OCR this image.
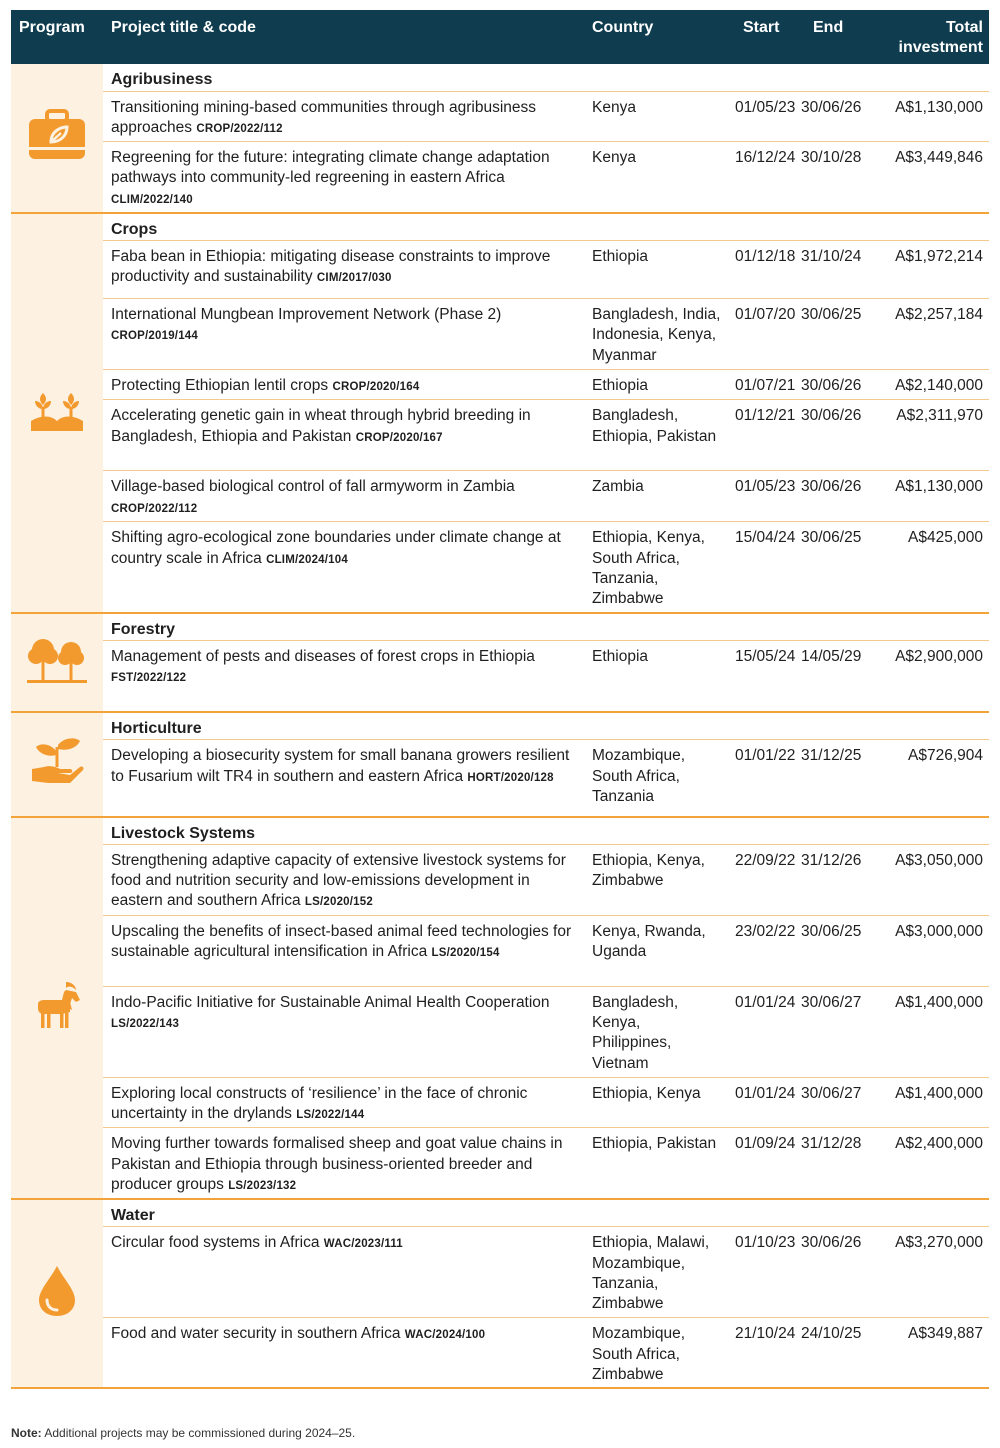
Program	Project title & code	Country	Start	End	Total investment
	Agribusiness				
	Transitioning mining-based communities through agribusiness approaches CROP/2022/112	Kenya	01/05/23	30/06/26	A$1,130,000
	Regreening for the future: integrating climate change adaptation pathways into community-led regreening in eastern Africa CLIM/2022/140	Kenya	16/12/24	30/10/28	A$3,449,846
	Crops				
	Faba bean in Ethiopia: mitigating disease constraints to improve productivity and sustainability CIM/2017/030	Ethiopia	01/12/18	31/10/24	A$1,972,214
	International Mungbean Improvement Network (Phase 2) CROP/2019/144	Bangladesh, India, Indonesia, Kenya, Myanmar	01/07/20	30/06/25	A$2,257,184
	Protecting Ethiopian lentil crops CROP/2020/164	Ethiopia	01/07/21	30/06/26	A$2,140,000
	Accelerating genetic gain in wheat through hybrid breeding in Bangladesh, Ethiopia and Pakistan CROP/2020/167	Bangladesh, Ethiopia, Pakistan	01/12/21	30/06/26	A$2,311,970
	Village-based biological control of fall armyworm in Zambia CROP/2022/112	Zambia	01/05/23	30/06/26	A$1,130,000
	Shifting agro-ecological zone boundaries under climate change at country scale in Africa CLIM/2024/104	Ethiopia, Kenya, South Africa, Tanzania, Zimbabwe	15/04/24	30/06/25	A$425,000
	Forestry				
	Management of pests and diseases of forest crops in Ethiopia FST/2022/122	Ethiopia	15/05/24	14/05/29	A$2,900,000
	Horticulture				
	Developing a biosecurity system for small banana growers resilient to Fusarium wilt TR4 in southern and eastern Africa HORT/2020/128	Mozambique, South Africa, Tanzania	01/01/22	31/12/25	A$726,904
	Livestock Systems				
	Strengthening adaptive capacity of extensive livestock systems for food and nutrition security and low-emissions development in eastern and southern Africa LS/2020/152	Ethiopia, Kenya, Zimbabwe	22/09/22	31/12/26	A$3,050,000
	Upscaling the benefits of insect-based animal feed technologies for sustainable agricultural intensification in Africa LS/2020/154	Kenya, Rwanda, Uganda	23/02/22	30/06/25	A$3,000,000
	Indo-Pacific Initiative for Sustainable Animal Health Cooperation LS/2022/143	Bangladesh, Kenya, Philippines, Vietnam	01/01/24	30/06/27	A$1,400,000
	Exploring local constructs of ‘resilience’ in the face of chronic uncertainty in the drylands LS/2022/144	Ethiopia, Kenya	01/01/24	30/06/27	A$1,400,000
	Moving further towards formalised sheep and goat value chains in Pakistan and Ethiopia through business-oriented breeder and producer groups LS/2023/132	Ethiopia, Pakistan	01/09/24	31/12/28	A$2,400,000
	Water				
	Circular food systems in Africa WAC/2023/111	Ethiopia, Malawi, Mozambique, Tanzania, Zimbabwe	01/10/23	30/06/26	A$3,270,000
	Food and water security in southern Africa WAC/2024/100	Mozambique, South Africa, Zimbabwe	21/10/24	24/10/25	A$349,887
Note: Additional projects may be commissioned during 2024–25.
